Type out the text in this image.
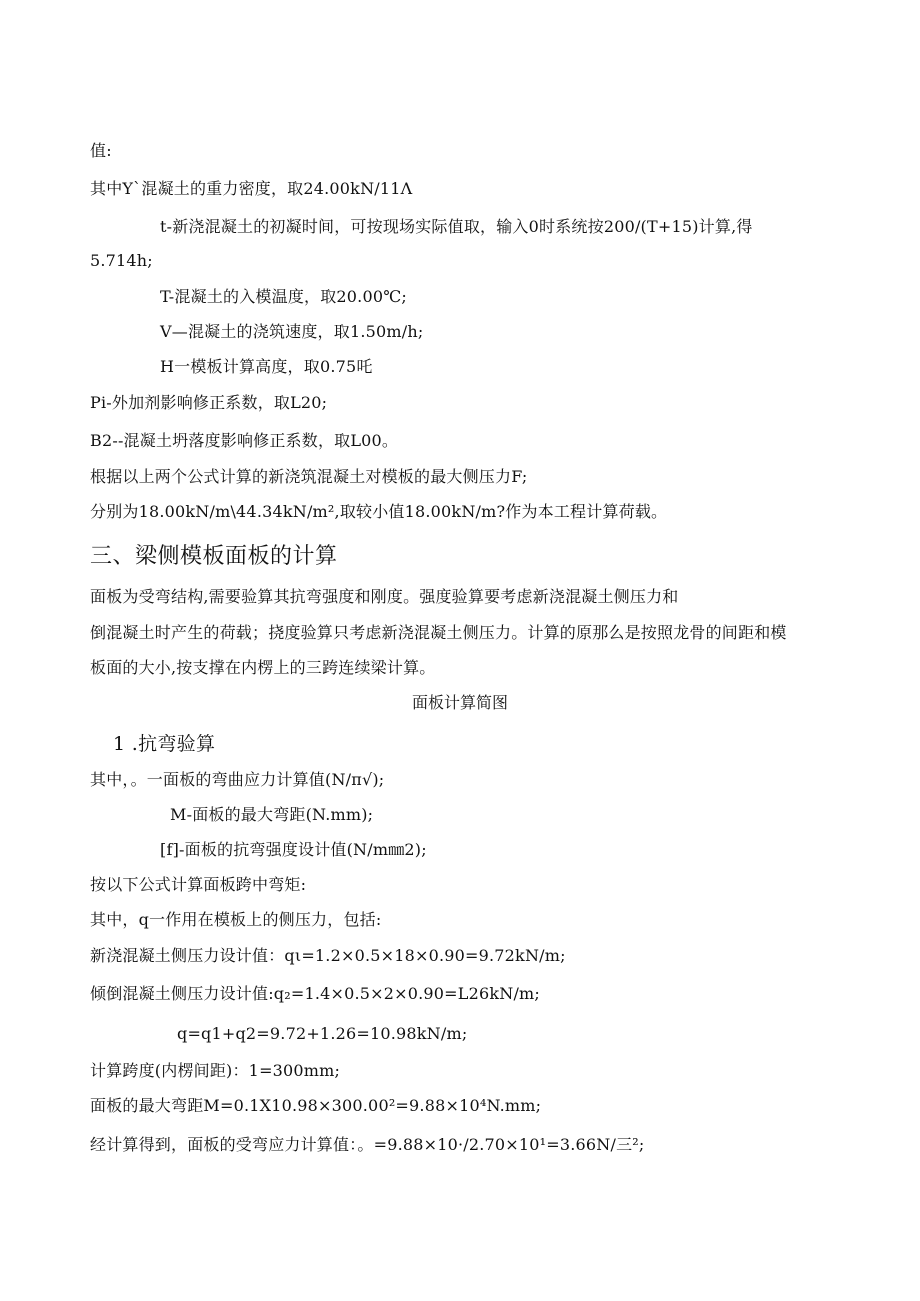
值:
其中Y`混凝土的重力密度，取24.00kN/11Λ
t-新浇混凝土的初凝时间，可按现场实际值取，输入0时系统按200/(T+15)计算,得
5.714h;
T-混凝土的入模温度，取20.00℃;
V—混凝土的浇筑速度，取1.50m/h;
H一模板计算高度，取0.75吒
Pi-外加剂影响修正系数，取L20;
B2--混凝土坍落度影响修正系数，取L00。
根据以上两个公式计算的新浇筑混凝土对模板的最大侧压力F;
分别为18.00kN/m\44.34kN/m²,取较小值18.00kN/m?作为本工程计算荷载。
三、梁侧模板面板的计算
面板为受弯结构,需要验算其抗弯强度和刚度。强度验算要考虑新浇混凝土侧压力和
倒混凝土时产生的荷载；挠度验算只考虑新浇混凝土侧压力。计算的原那么是按照龙骨的间距和模
板面的大小,按支撑在内楞上的三跨连续梁计算。
面板计算简图
1 .抗弯验算
其中，。一面板的弯曲应力计算值(N/π√);
M-面板的最大弯距(N.mm);
[f]-面板的抗弯强度设计值(N/m㎜2);
按以下公式计算面板跨中弯矩:
其中，q一作用在模板上的侧压力，包括:
新浇混凝土侧压力设计值：qι=1.2×0.5×18×0.90=9.72kN/m;
倾倒混凝土侧压力设计值:q₂=1.4×0.5×2×0.90=L26kN/m;
q=q1+q2=9.72+1.26=10.98kN/m;
计算跨度(内楞间距)：1=300mm;
面板的最大弯距M=0.1X10.98×300.00²=9.88×10⁴N.mm;
经计算得到，面板的受弯应力计算值：。=9.88×10·/2.70×10¹=3.66N/三²;
